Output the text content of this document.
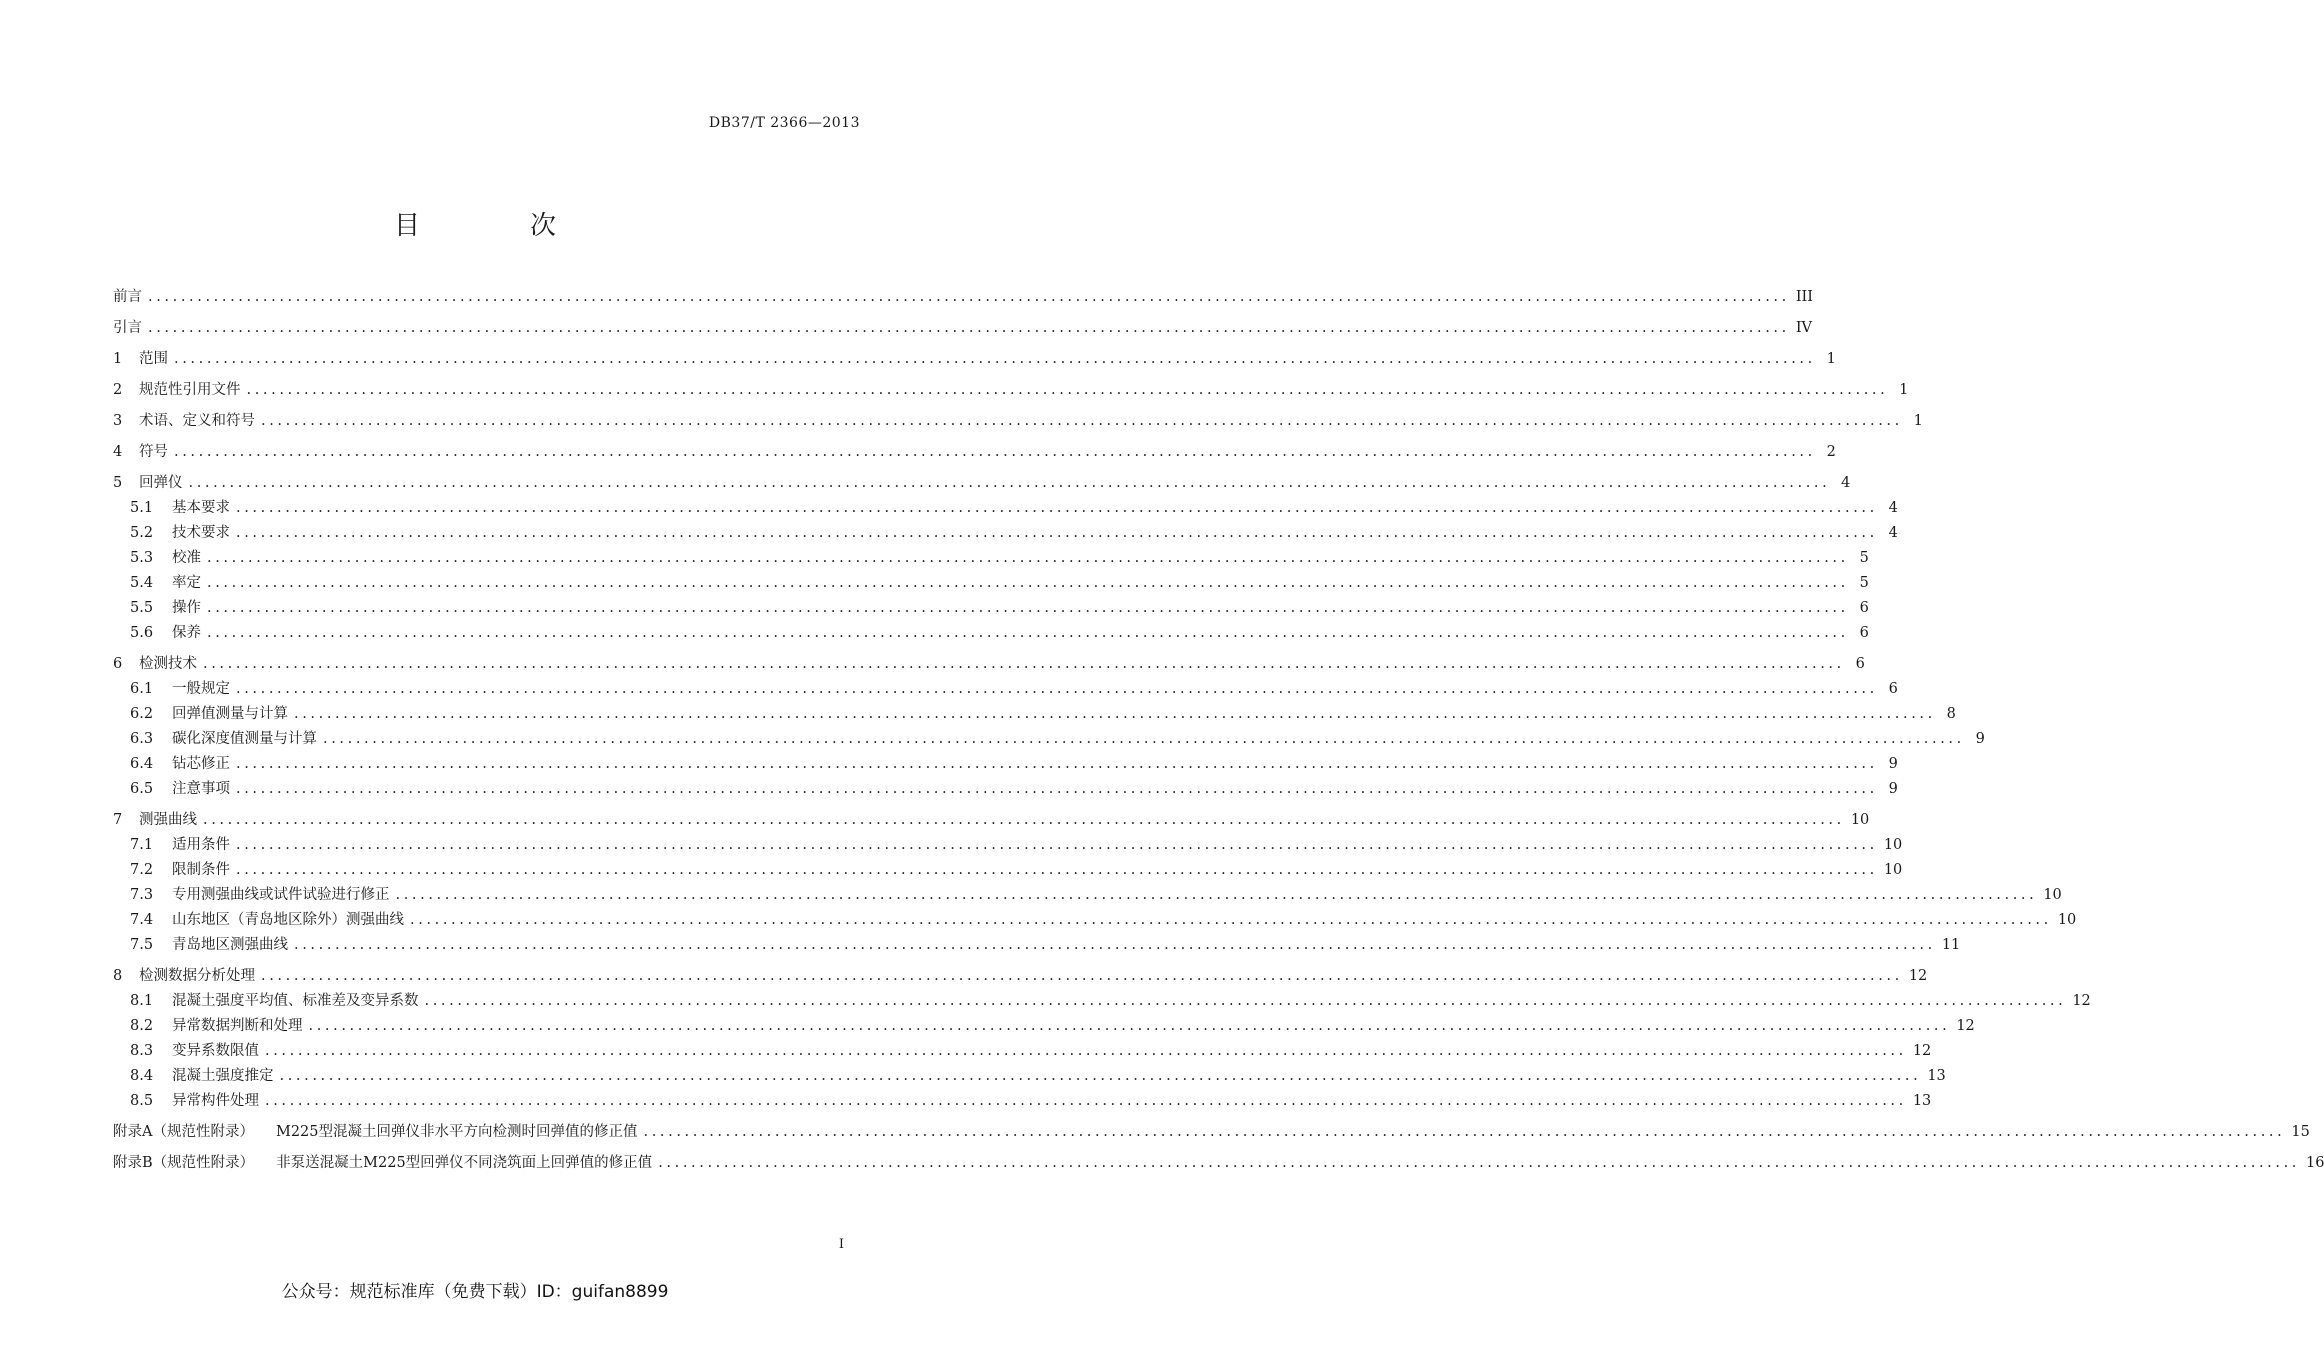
DB37/T 2366—2013
目　次
前言 ........................................................................................................................................................................................................ III
引言 ........................................................................................................................................................................................................ IV
1	范围 ........................................................................................................................................................................................................ 1
2	规范性引用文件 ........................................................................................................................................................................................................ 1
3	术语、定义和符号 ........................................................................................................................................................................................................ 1
4	符号 ........................................................................................................................................................................................................ 2
5	回弹仪 ........................................................................................................................................................................................................ 4
5.1	基本要求 ........................................................................................................................................................................................................ 4
5.2	技术要求 ........................................................................................................................................................................................................ 4
5.3	校准 ........................................................................................................................................................................................................ 5
5.4	率定 ........................................................................................................................................................................................................ 5
5.5	操作 ........................................................................................................................................................................................................ 6
5.6	保养 ........................................................................................................................................................................................................ 6
6	检测技术 ........................................................................................................................................................................................................ 6
6.1	一般规定 ........................................................................................................................................................................................................ 6
6.2	回弹值测量与计算 ........................................................................................................................................................................................................ 8
6.3	碳化深度值测量与计算 ........................................................................................................................................................................................................ 9
6.4	钻芯修正 ........................................................................................................................................................................................................ 9
6.5	注意事项 ........................................................................................................................................................................................................ 9
7	测强曲线 ........................................................................................................................................................................................................ 10
7.1	适用条件 ........................................................................................................................................................................................................ 10
7.2	限制条件 ........................................................................................................................................................................................................ 10
7.3	专用测强曲线或试件试验进行修正 ........................................................................................................................................................................................................ 10
7.4	山东地区（青岛地区除外）测强曲线 ........................................................................................................................................................................................................ 10
7.5	青岛地区测强曲线 ........................................................................................................................................................................................................ 11
8	检测数据分析处理 ........................................................................................................................................................................................................ 12
8.1	混凝土强度平均值、标准差及变异系数 ........................................................................................................................................................................................................ 12
8.2	异常数据判断和处理 ........................................................................................................................................................................................................ 12
8.3	变异系数限值 ........................................................................................................................................................................................................ 12
8.4	混凝土强度推定 ........................................................................................................................................................................................................ 13
8.5	异常构件处理 ........................................................................................................................................................................................................ 13
附录A（规范性附录） M225型混凝土回弹仪非水平方向检测时回弹值的修正值 ........................................................................................................................................................................................................ 15
附录B（规范性附录） 非泵送混凝土M225型回弹仪不同浇筑面上回弹值的修正值 ........................................................................................................................................................................................................ 16
I
公众号：规范标准库（免费下载）ID：guifan8899
